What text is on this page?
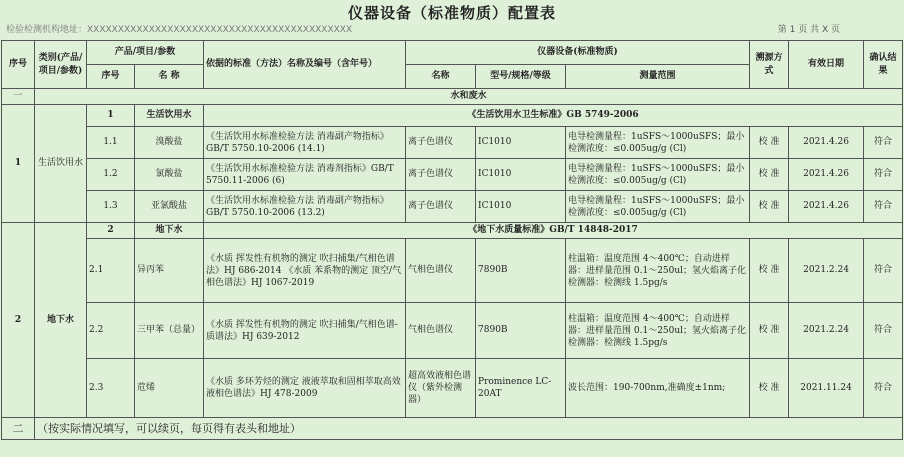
仪器设备（标准物质）配置表
检验检测机构地址：XXXXXXXXXXXXXXXXXXXXXXXXXXXXXXXXXXXXXXXXXXX	第 1 页 共 X 页
序号	类别(产品/项目/参数)	产品/项目/参数		依据的标准（方法）名称及编号（含年号）	仪器设备(标准物质)			溯源方式	有效日期	确认结果
		序号	名 称		名称	型号/规格/等级	测量范围			
一	水和废水									
1	生活饮用水	1	生活饮用水	《生活饮用水卫生标准》GB 5749-2006						
		1.1	溴酸盐	《生活饮用水标准检验方法 消毒副产物指标》GB/T 5750.10-2006 (14.1)	离子色谱仪	IC1010	电导检测量程：1uSFS～1000uSFS；最小检测浓度：≤0.005ug/g (Cl)	校 准	2021.4.26	符合
		1.2	氯酸盐	《生活饮用水标准检验方法 消毒剂指标》GB/T 5750.11-2006 (6)	离子色谱仪	IC1010	电导检测量程：1uSFS～1000uSFS；最小检测浓度：≤0.005ug/g (Cl)	校 准	2021.4.26	符合
		1.3	亚氯酸盐	《生活饮用水标准检验方法 消毒副产物指标》GB/T 5750.10-2006 (13.2)	离子色谱仪	IC1010	电导检测量程：1uSFS～1000uSFS；最小检测浓度：≤0.005ug/g (Cl)	校 准	2021.4.26	符合
2	地下水	2	地下水	《地下水质量标准》GB/T 14848-2017						
		2.1	异丙苯	《水质 挥发性有机物的测定 吹扫捕集/气相色谱法》HJ 686-2014 《水质 苯系物的测定 顶空/气相色谱法》HJ 1067-2019	气相色谱仪	7890B	柱温箱：温度范围 4～400℃；自动进样器：进样量范围 0.1～250ul；氢火焰离子化检测器：检测线 1.5pg/s	校 准	2021.2.24	符合
		2.2	三甲苯（总量）	《水质 挥发性有机物的测定 吹扫捕集/气相色谱-质谱法》HJ 639-2012	气相色谱仪	7890B	柱温箱：温度范围 4～400℃；自动进样器：进样量范围 0.1～250ul；氢火焰离子化检测器：检测线 1.5pg/s	校 准	2021.2.24	符合
		2.3	苊烯	《水质 多环芳烃的测定 液液萃取和固相萃取高效液相色谱法》HJ 478-2009	超高效液相色谱仪（紫外检测器）	Prominence LC-20AT	波长范围：190-700nm,准确度±1nm;	校 准	2021.11.24	符合
二	（按实际情况填写，可以续页，每页得有表头和地址）									
